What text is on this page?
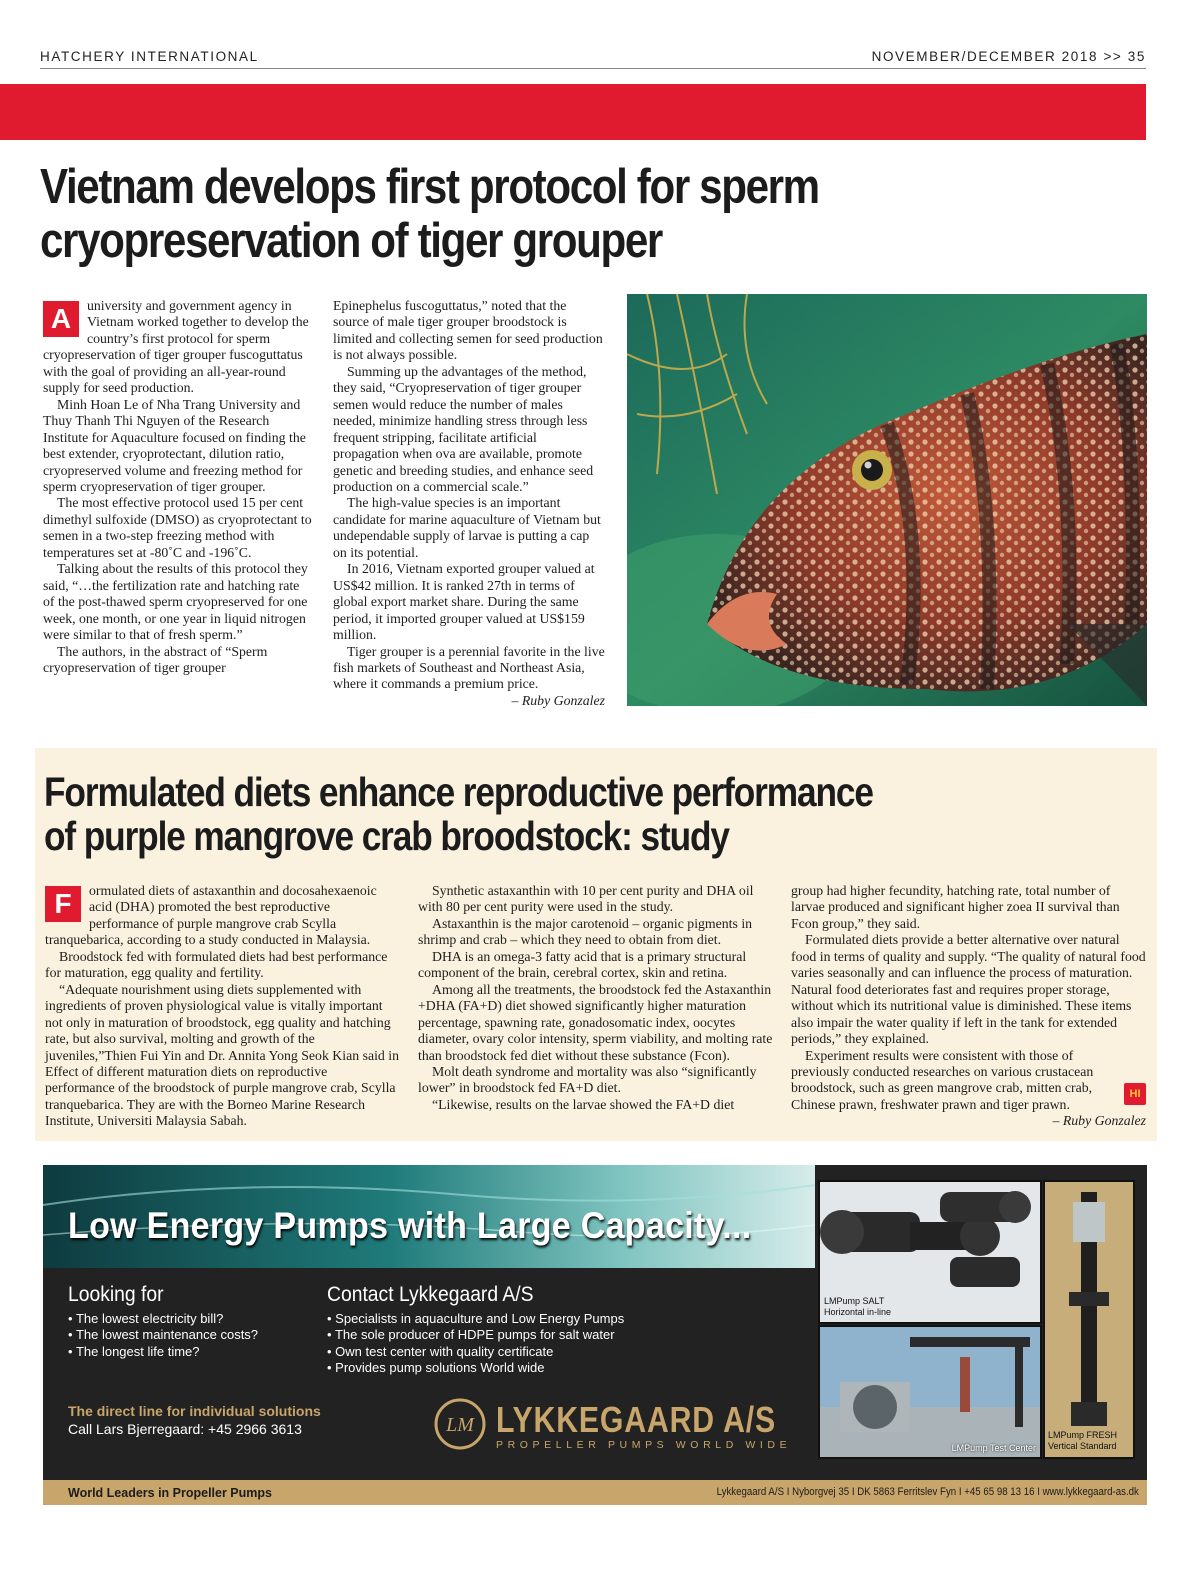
HATCHERY INTERNATIONAL	NOVEMBER/DECEMBER 2018 >> 35
Vietnam develops first protocol for sperm
cryopreservation of tiger grouper
A	university and government agency in Vietnam worked together to develop the country’s first protocol for sperm cryopreservation of tiger grouper fuscoguttatus with the goal of providing an all-year-round supply for seed production.

Minh Hoan Le of Nha Trang University and Thuy Thanh Thi Nguyen of the Research Institute for Aquaculture focused on finding the best extender, cryoprotectant, dilution ratio, cryopreserved volume and freezing method for sperm cryopreservation of tiger grouper.

The most effective protocol used 15 per cent dimethyl sulfoxide (DMSO) as cryoprotectant to semen in a two-step freezing method with temperatures set at -80˚C and -196˚C.

Talking about the results of this protocol they said, “…the fertilization rate and hatching rate of the post-thawed sperm cryopreserved for one week, one month, or one year in liquid nitrogen were similar to that of fresh sperm.”

The authors, in the abstract of “Sperm cryopreservation of tiger grouper

Epinephelus fuscoguttatus,” noted that the source of male tiger grouper broodstock is limited and collecting semen for seed production is not always possible.

Summing up the advantages of the method, they said, “Cryopreservation of tiger grouper semen would reduce the number of males needed, minimize handling stress through less frequent stripping, facilitate artificial propagation when ova are available, promote genetic and breeding studies, and enhance seed production on a commercial scale.”

The high-value species is an important candidate for marine aquaculture of Vietnam but undependable supply of larvae is putting a cap on its potential.

In 2016, Vietnam exported grouper valued at US$42 million. It is ranked 27th in terms of global export market share. During the same period, it imported grouper valued at US$159 million.

Tiger grouper is a perennial favorite in the live fish markets of Southeast and Northeast Asia, where it commands a premium price.

– Ruby Gonzalez
Formulated diets enhance reproductive performance
of purple mangrove crab broodstock: study
F	ormulated diets of astaxanthin and docosahexaenoic acid (DHA) promoted the best reproductive performance of purple mangrove crab Scylla tranquebarica, according to a study conducted in Malaysia.

Broodstock fed with formulated diets had best performance for maturation, egg quality and fertility.

“Adequate nourishment using diets supplemented with ingredients of proven physiological value is vitally important not only in maturation of broodstock, egg quality and hatching rate, but also survival, molting and growth of the juveniles,”Thien Fui Yin and Dr. Annita Yong Seok Kian said in Effect of different maturation diets on reproductive performance of the broodstock of purple mangrove crab, Scylla tranquebarica. They are with the Borneo Marine Research Institute, Universiti Malaysia Sabah.

Synthetic astaxanthin with 10 per cent purity and DHA oil with 80 per cent purity were used in the study.

Astaxanthin is the major carotenoid – organic pigments in shrimp and crab – which they need to obtain from diet.

DHA is an omega-3 fatty acid that is a primary structural component of the brain, cerebral cortex, skin and retina.

Among all the treatments, the broodstock fed the Astaxanthin +DHA (FA+D) diet showed significantly higher maturation percentage, spawning rate, gonadosomatic index, oocytes diameter, ovary color intensity, sperm viability, and molting rate than broodstock fed diet without these substance (Fcon).

Molt death syndrome and mortality was also “significantly lower” in broodstock fed FA+D diet.

“Likewise, results on the larvae showed the FA+D diet

group had higher fecundity, hatching rate, total number of larvae produced and significant higher zoea II survival than Fcon group,” they said.

Formulated diets provide a better alternative over natural food in terms of quality and supply. “The quality of natural food varies seasonally and can influence the process of maturation. Natural food deteriorates fast and requires proper storage, without which its nutritional value is diminished. These items also impair the water quality if left in the tank for extended periods,” they explained.

Experiment results were consistent with those of previously conducted researches on various crustacean broodstock, such as green mangrove crab, mitten crab, Chinese prawn, freshwater prawn and tiger prawn.

– Ruby Gonzalez
HI
Low Energy Pumps with Large Capacity...
Looking for
• The lowest electricity bill?
• The lowest maintenance costs?
• The longest life time?
Contact Lykkegaard A/S
• Specialists in aquaculture and Low Energy Pumps
• The sole producer of HDPE pumps for salt water
• Own test center with quality certificate
• Provides pump solutions World wide
The direct line for individual solutions
Call Lars Bjerregaard: +45 2966 3613	LM LYKKEGAARD A/S
PROPELLER PUMPS WORLD WIDE
LMPump SALT
Horizontal in-line
LMPump Test Center
LMPump FRESH
Vertical Standard
World Leaders in Propeller Pumps	Lykkegaard A/S I Nyborgvej 35 I DK 5863 Ferritslev Fyn I +45 65 98 13 16 I www.lykkegaard-as.dk
